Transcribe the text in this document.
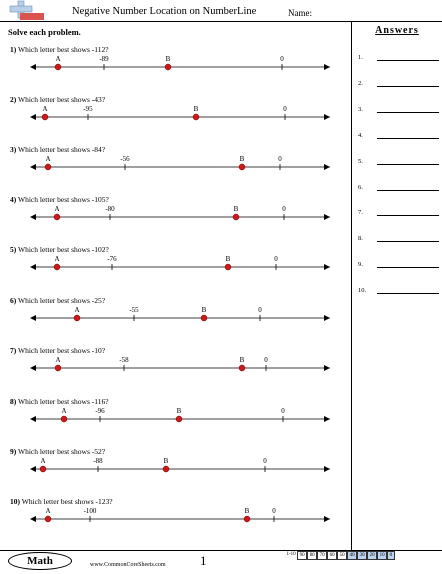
Negative Number Location on NumberLine	Name:
Solve each problem.	Answers
1) Which letter best shows -112?
-89	0
A	B
2) Which letter best shows -43?
-95	0
A	B
3) Which letter best shows -84?
-56	0
A	B
4) Which letter best shows -105?
-80	0
A	B
5) Which letter best shows -102?
-76	0
A	B
6) Which letter best shows -25?
-55	0
A	B
7) Which letter best shows -10?
-58	0
A	B
8) Which letter best shows -116?
-96	0
A	B
9) Which letter best shows -52?
-88	0
A	B
10) Which letter best shows -123?
-100	0
A	B
1.
2.
3.
4.
5.
6.
7.
8.
9.
10.
Math	www.CommonCoreSheets.com	1	1-10 90	80	70	60	50	40	30	20	10	0
